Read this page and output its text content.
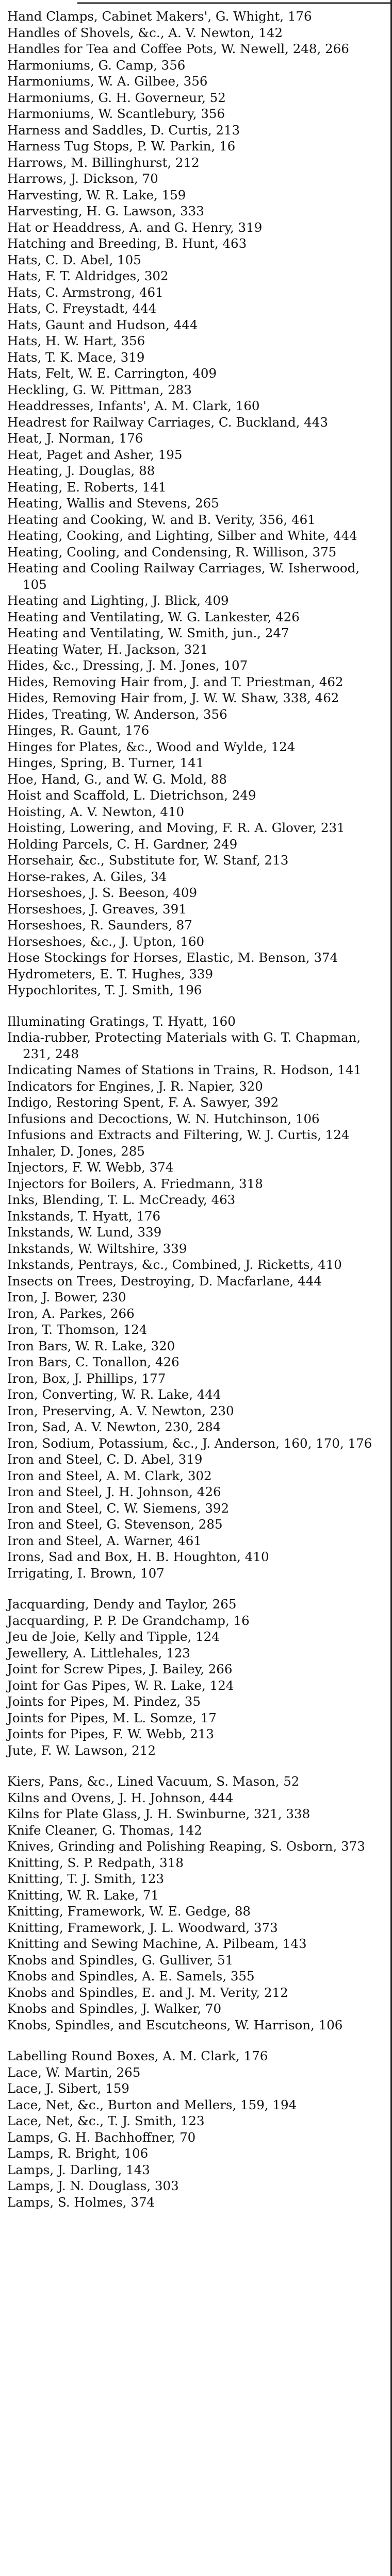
Hand Clamps, Cabinet Makers', G. Whight, 176
Handles of Shovels, &c., A. V. Newton, 142
Handles for Tea and Coffee Pots, W. Newell, 248, 266
Harmoniums, G. Camp, 356
Harmoniums, W. A. Gilbee, 356
Harmoniums, G. H. Governeur, 52
Harmoniums, W. Scantlebury, 356
Harness and Saddles, D. Curtis, 213
Harness Tug Stops, P. W. Parkin, 16
Harrows, M. Billinghurst, 212
Harrows, J. Dickson, 70
Harvesting, W. R. Lake, 159
Harvesting, H. G. Lawson, 333
Hat or Headdress, A. and G. Henry, 319
Hatching and Breeding, B. Hunt, 463
Hats, C. D. Abel, 105
Hats, F. T. Aldridges, 302
Hats, C. Armstrong, 461
Hats, C. Freystadt, 444
Hats, Gaunt and Hudson, 444
Hats, H. W. Hart, 356
Hats, T. K. Mace, 319
Hats, Felt, W. E. Carrington, 409
Heckling, G. W. Pittman, 283
Headdresses, Infants', A. M. Clark, 160
Headrest for Railway Carriages, C. Buckland, 443
Heat, J. Norman, 176
Heat, Paget and Asher, 195
Heating, J. Douglas, 88
Heating, E. Roberts, 141
Heating, Wallis and Stevens, 265
Heating and Cooking, W. and B. Verity, 356, 461
Heating, Cooking, and Lighting, Silber and White, 444
Heating, Cooling, and Condensing, R. Willison, 375
Heating and Cooling Railway Carriages, W. Isherwood, 105
Heating and Lighting, J. Blick, 409
Heating and Ventilating, W. G. Lankester, 426
Heating and Ventilating, W. Smith, jun., 247
Heating Water, H. Jackson, 321
Hides, &c., Dressing, J. M. Jones, 107
Hides, Removing Hair from, J. and T. Priestman, 462
Hides, Removing Hair from, J. W. W. Shaw, 338, 462
Hides, Treating, W. Anderson, 356
Hinges, R. Gaunt, 176
Hinges for Plates, &c., Wood and Wylde, 124
Hinges, Spring, B. Turner, 141
Hoe, Hand, G., and W. G. Mold, 88
Hoist and Scaffold, L. Dietrichson, 249
Hoisting, A. V. Newton, 410
Hoisting, Lowering, and Moving, F. R. A. Glover, 231
Holding Parcels, C. H. Gardner, 249
Horsehair, &c., Substitute for, W. Stanf, 213
Horse-rakes, A. Giles, 34
Horseshoes, J. S. Beeson, 409
Horseshoes, J. Greaves, 391
Horseshoes, R. Saunders, 87
Horseshoes, &c., J. Upton, 160
Hose Stockings for Horses, Elastic, M. Benson, 374
Hydrometers, E. T. Hughes, 339
Hypochlorites, T. J. Smith, 196
Illuminating Gratings, T. Hyatt, 160
India-rubber, Protecting Materials with G. T. Chapman, 231, 248
Indicating Names of Stations in Trains, R. Hodson, 141
Indicators for Engines, J. R. Napier, 320
Indigo, Restoring Spent, F. A. Sawyer, 392
Infusions and Decoctions, W. N. Hutchinson, 106
Infusions and Extracts and Filtering, W. J. Curtis, 124
Inhaler, D. Jones, 285
Injectors, F. W. Webb, 374
Injectors for Boilers, A. Friedmann, 318
Inks, Blending, T. L. McCready, 463
Inkstands, T. Hyatt, 176
Inkstands, W. Lund, 339
Inkstands, W. Wiltshire, 339
Inkstands, Pentrays, &c., Combined, J. Ricketts, 410
Insects on Trees, Destroying, D. Macfarlane, 444
Iron, J. Bower, 230
Iron, A. Parkes, 266
Iron, T. Thomson, 124
Iron Bars, W. R. Lake, 320
Iron Bars, C. Tonallon, 426
Iron, Box, J. Phillips, 177
Iron, Converting, W. R. Lake, 444
Iron, Preserving, A. V. Newton, 230
Iron, Sad, A. V. Newton, 230, 284
Iron, Sodium, Potassium, &c., J. Anderson, 160, 170, 176
Iron and Steel, C. D. Abel, 319
Iron and Steel, A. M. Clark, 302
Iron and Steel, J. H. Johnson, 426
Iron and Steel, C. W. Siemens, 392
Iron and Steel, G. Stevenson, 285
Iron and Steel, A. Warner, 461
Irons, Sad and Box, H. B. Houghton, 410
Irrigating, I. Brown, 107
Jacquarding, Dendy and Taylor, 265
Jacquarding, P. P. De Grandchamp, 16
Jeu de Joie, Kelly and Tipple, 124
Jewellery, A. Littlehales, 123
Joint for Screw Pipes, J. Bailey, 266
Joint for Gas Pipes, W. R. Lake, 124
Joints for Pipes, M. Pindez, 35
Joints for Pipes, M. L. Somze, 17
Joints for Pipes, F. W. Webb, 213
Jute, F. W. Lawson, 212
Kiers, Pans, &c., Lined Vacuum, S. Mason, 52
Kilns and Ovens, J. H. Johnson, 444
Kilns for Plate Glass, J. H. Swinburne, 321, 338
Knife Cleaner, G. Thomas, 142
Knives, Grinding and Polishing Reaping, S. Osborn, 373
Knitting, S. P. Redpath, 318
Knitting, T. J. Smith, 123
Knitting, W. R. Lake, 71
Knitting, Framework, W. E. Gedge, 88
Knitting, Framework, J. L. Woodward, 373
Knitting and Sewing Machine, A. Pilbeam, 143
Knobs and Spindles, G. Gulliver, 51
Knobs and Spindles, A. E. Samels, 355
Knobs and Spindles, E. and J. M. Verity, 212
Knobs and Spindles, J. Walker, 70
Knobs, Spindles, and Escutcheons, W. Harrison, 106
Labelling Round Boxes, A. M. Clark, 176
Lace, W. Martin, 265
Lace, J. Sibert, 159
Lace, Net, &c., Burton and Mellers, 159, 194
Lace, Net, &c., T. J. Smith, 123
Lamps, G. H. Bachhoffner, 70
Lamps, R. Bright, 106
Lamps, J. Darling, 143
Lamps, J. N. Douglass, 303
Lamps, S. Holmes, 374
